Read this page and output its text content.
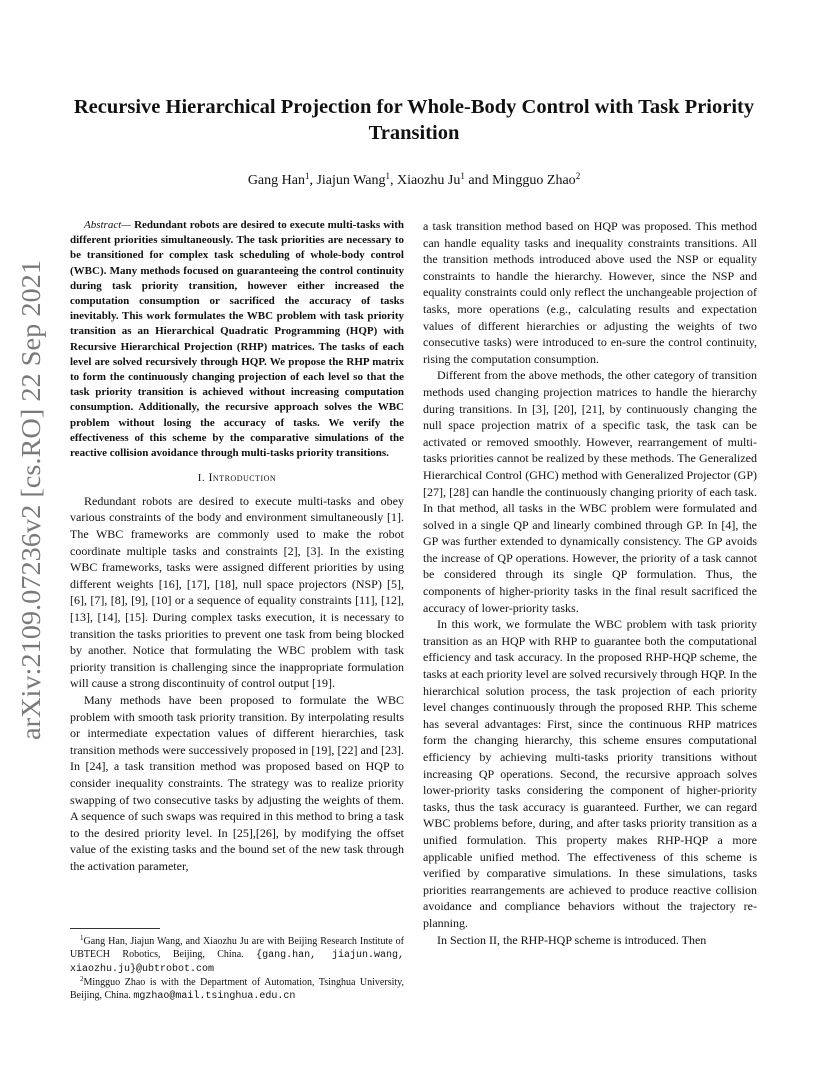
arXiv:2109.07236v2 [cs.RO] 22 Sep 2021
Recursive Hierarchical Projection for Whole-Body Control with Task Priority Transition
Gang Han$^1$, Jiajun Wang$^1$, Xiaozhu Ju$^1$ and Mingguo Zhao$^2$

Abstract— Redundant robots are desired to execute multi-tasks with different priorities simultaneously. The task priorities are necessary to be transitioned for complex task scheduling of whole-body control (WBC). Many methods focused on guaranteeing the control continuity during task priority transition, however either increased the computation consumption or sacrificed the accuracy of tasks inevitably. This work formulates the WBC problem with task priority transition as an Hierarchical Quadratic Programming (HQP) with Recursive Hierarchical Projection (RHP) matrices. The tasks of each level are solved recursively through HQP. We propose the RHP matrix to form the continuously changing projection of each level so that the task priority transition is achieved without increasing computation consumption. Additionally, the recursive approach solves the WBC problem without losing the accuracy of tasks. We verify the effectiveness of this scheme by the comparative simulations of the reactive collision avoidance through multi-tasks priority transitions.

I. Introduction

Redundant robots are desired to execute multi-tasks and obey various constraints of the body and environment simultaneously [1]. The WBC frameworks are commonly used to make the robot coordinate multiple tasks and constraints [2], [3]. In the existing WBC frameworks, tasks were assigned different priorities by using different weights [16], [17], [18], null space projectors (NSP) [5], [6], [7], [8], [9], [10] or a sequence of equality constraints [11], [12], [13], [14], [15]. During complex tasks execution, it is necessary to transition the tasks priorities to prevent one task from being blocked by another. Notice that formulating the WBC problem with task priority transition is challenging since the inappropriate formulation will cause a strong discontinuity of control output [19].

Many methods have been proposed to formulate the WBC problem with smooth task priority transition. By interpolating results or intermediate expectation values of different hierarchies, task transition methods were successively proposed in [19], [22] and [23]. In [24], a task transition method was proposed based on HQP to consider inequality constraints. The strategy was to realize priority swapping of two consecutive tasks by adjusting the weights of them. A sequence of such swaps was required in this method to bring a task to the desired priority level. In [25],[26], by modifying the offset value of the existing tasks and the bound set of the new task through the activation parameter,

a task transition method based on HQP was proposed. This method can handle equality tasks and inequality constraints transitions. All the transition methods introduced above used the NSP or equality constraints to handle the hierarchy. However, since the NSP and equality constraints could only reflect the unchangeable projection of tasks, more operations (e.g., calculating results and expectation values of different hierarchies or adjusting the weights of two consecutive tasks) were introduced to en-sure the control continuity, rising the computation consumption.

Different from the above methods, the other category of transition methods used changing projection matrices to handle the hierarchy during transitions. In [3], [20], [21], by continuously changing the null space projection matrix of a specific task, the task can be activated or removed smoothly. However, rearrangement of multi-tasks priorities cannot be realized by these methods. The Generalized Hierarchical Control (GHC) method with Generalized Projector (GP) [27], [28] can handle the continuously changing priority of each task. In that method, all tasks in the WBC problem were formulated and solved in a single QP and linearly combined through GP. In [4], the GP was further extended to dynamically consistency. The GP avoids the increase of QP operations. However, the priority of a task cannot be considered through its single QP formulation. Thus, the components of higher-priority tasks in the final result sacrificed the accuracy of lower-priority tasks.

In this work, we formulate the WBC problem with task priority transition as an HQP with RHP to guarantee both the computational efficiency and task accuracy. In the proposed RHP-HQP scheme, the tasks at each priority level are solved recursively through HQP. In the hierarchical solution process, the task projection of each priority level changes continuously through the proposed RHP. This scheme has several advantages: First, since the continuous RHP matrices form the changing hierarchy, this scheme ensures computational efficiency by achieving multi-tasks priority transitions without increasing QP operations. Second, the recursive approach solves lower-priority tasks considering the component of higher-priority tasks, thus the task accuracy is guaranteed. Further, we can regard WBC problems before, during, and after tasks priority transition as a unified formulation. This property makes RHP-HQP a more applicable unified method. The effectiveness of this scheme is verified by comparative simulations. In these simulations, tasks priorities rearrangements are achieved to produce reactive collision avoidance and compliance behaviors without the trajectory re-planning.

In Section II, the RHP-HQP scheme is introduced. Then

$^1$Gang Han, Jiajun Wang, and Xiaozhu Ju are with Beijing Research Institute of UBTECH Robotics, Beijing, China. {gang.han, jiajun.wang, xiaozhu.ju}@ubtrobot.com

$^2$Mingguo Zhao is with the Department of Automation, Tsinghua University, Beijing, China. mgzhao@mail.tsinghua.edu.cn
